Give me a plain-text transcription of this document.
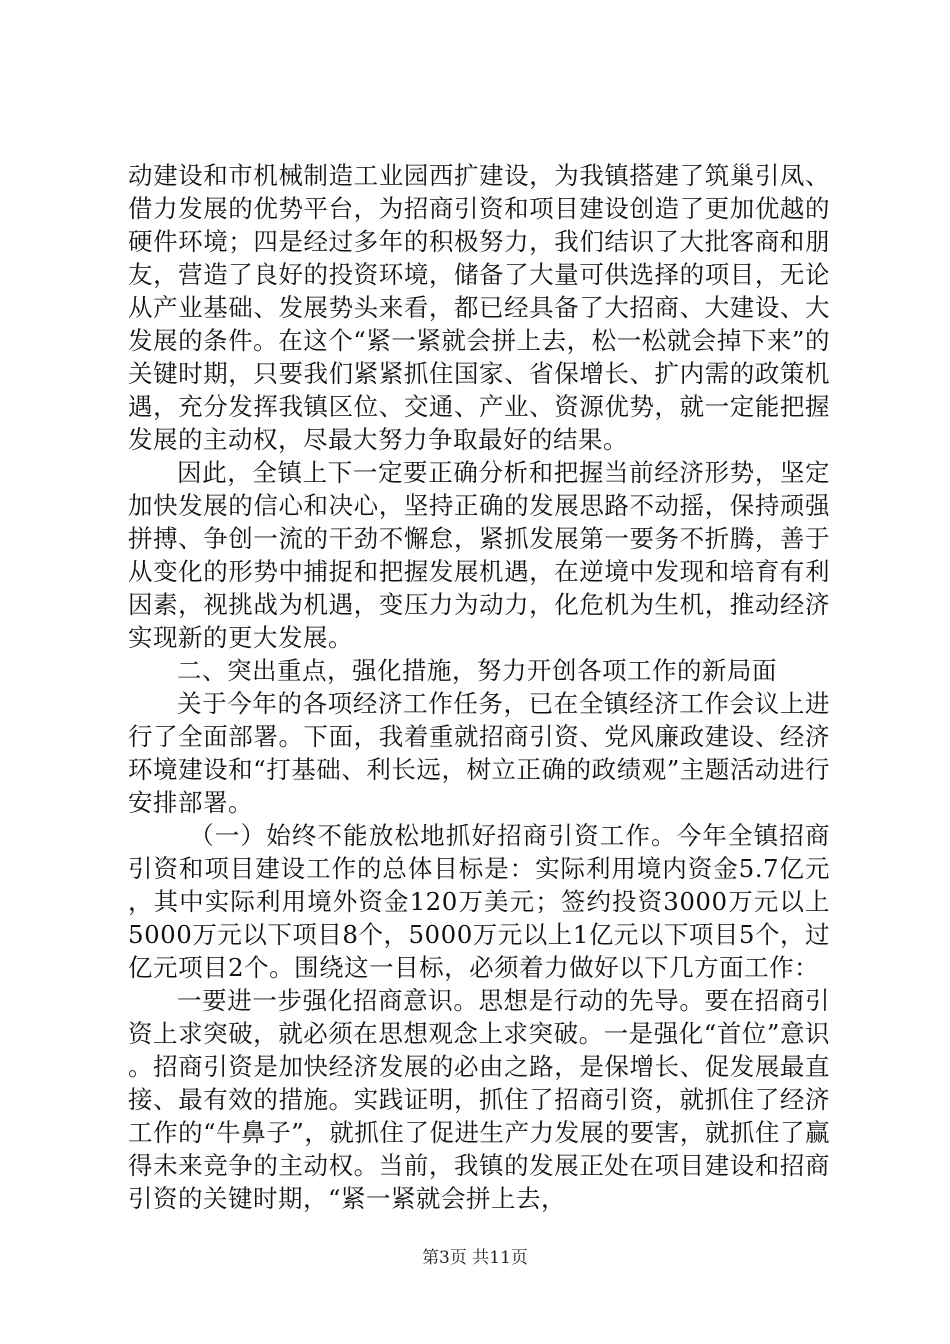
动建设和市机械制造工业园西扩建设，为我镇搭建了筑巢引凤、借力发展的优势平台，为招商引资和项目建设创造了更加优越的硬件环境；四是经过多年的积极努力，我们结识了大批客商和朋友，营造了良好的投资环境，储备了大量可供选择的项目，无论从产业基础、发展势头来看，都已经具备了大招商、大建设、大发展的条件。在这个“紧一紧就会拼上去，松一松就会掉下来”的关键时期，只要我们紧紧抓住国家、省保增长、扩内需的政策机遇，充分发挥我镇区位、交通、产业、资源优势，就一定能把握发展的主动权，尽最大努力争取最好的结果。

因此，全镇上下一定要正确分析和把握当前经济形势，坚定加快发展的信心和决心，坚持正确的发展思路不动摇，保持顽强拼搏、争创一流的干劲不懈怠，紧抓发展第一要务不折腾，善于从变化的形势中捕捉和把握发展机遇，在逆境中发现和培育有利因素，视挑战为机遇，变压力为动力，化危机为生机，推动经济实现新的更大发展。

二、突出重点，强化措施，努力开创各项工作的新局面

关于今年的各项经济工作任务，已在全镇经济工作会议上进行了全面部署。下面，我着重就招商引资、党风廉政建设、经济环境建设和“打基础、利长远，树立正确的政绩观”主题活动进行安排部署。

（一）始终不能放松地抓好招商引资工作。今年全镇招商引资和项目建设工作的总体目标是：实际利用境内资金5.7亿元，其中实际利用境外资金120万美元；签约投资3000万元以上5000万元以下项目8个，5000万元以上1亿元以下项目5个，过亿元项目2个。围绕这一目标，必须着力做好以下几方面工作：

一要进一步强化招商意识。思想是行动的先导。要在招商引资上求突破，就必须在思想观念上求突破。一是强化“首位”意识。招商引资是加快经济发展的必由之路，是保增长、促发展最直接、最有效的措施。实践证明，抓住了招商引资，就抓住了经济工作的“牛鼻子”，就抓住了促进生产力发展的要害，就抓住了赢得未来竞争的主动权。当前，我镇的发展正处在项目建设和招商引资的关键时期，“紧一紧就会拼上去，

第3页 共11页
